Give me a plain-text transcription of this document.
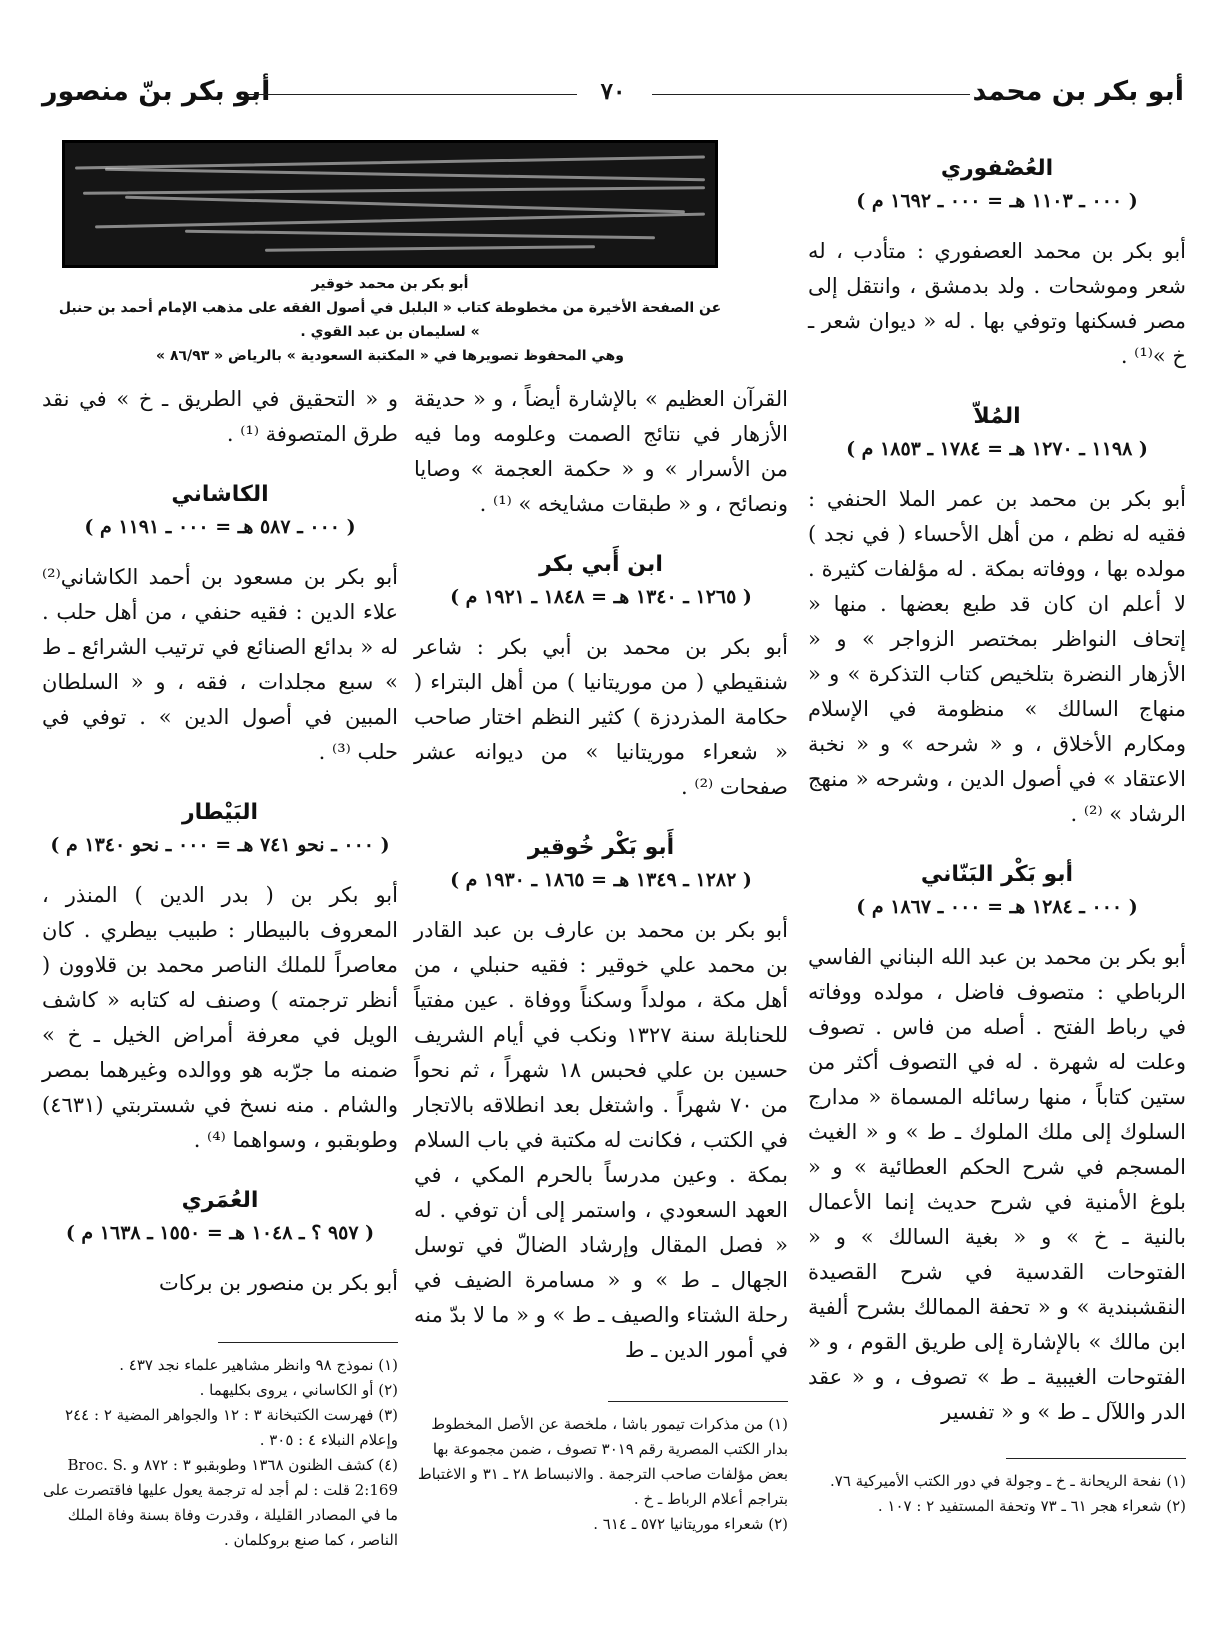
أبو بكر بنّ منصور	٧٠	أبو بكر بن محمد
أبو بكر بن محمد خوقير
عن الصفحة الأخيرة من مخطوطة كتاب « البلبل في أصول الفقه على مذهب الإمام أحمد بن حنبل » لسليمان بن عبد القوي .
وهي المحفوظ تصويرها في « المكتبة السعودية » بالرياض « ٨٦/٩٣ »
العُصْفوري
( ٠٠٠ ـ ١١٠٣ هـ = ٠٠٠ ـ ١٦٩٢ م )
أبو بكر بن محمد العصفوري : متأدب ، له شعر وموشحات . ولد بدمشق ، وانتقل إلى مصر فسكنها وتوفي بها . له « ديوان شعر ـ خ »⁽¹⁾ .
المُلاّ
( ١١٩٨ ـ ١٢٧٠ هـ = ١٧٨٤ ـ ١٨٥٣ م )
أبو بكر بن محمد بن عمر الملا الحنفي : فقيه له نظم ، من أهل الأحساء ( في نجد ) مولده بها ، ووفاته بمكة . له مؤلفات كثيرة . لا أعلم ان كان قد طبع بعضها . منها « إتحاف النواظر بمختصر الزواجر » و « الأزهار النضرة بتلخيص كتاب التذكرة » و « منهاج السالك » منظومة في الإسلام ومكارم الأخلاق ، و « شرحه » و « نخبة الاعتقاد » في أصول الدين ، وشرحه « منهج الرشاد » ⁽²⁾ .
أبو بَكْر البَنّاني
( ٠٠٠ ـ ١٢٨٤ هـ = ٠٠٠ ـ ١٨٦٧ م )
أبو بكر بن محمد بن عبد الله البناني الفاسي الرباطي : متصوف فاضل ، مولده ووفاته في رباط الفتح . أصله من فاس . تصوف وعلت له شهرة . له في التصوف أكثر من ستين كتاباً ، منها رسائله المسماة « مدارج السلوك إلى ملك الملوك ـ ط » و « الغيث المسجم في شرح الحكم العطائية » و « بلوغ الأمنية في شرح حديث إنما الأعمال بالنية ـ خ » و « بغية السالك » و « الفتوحات القدسية في شرح القصيدة النقشبندية » و « تحفة الممالك بشرح ألفية ابن مالك » بالإشارة إلى طريق القوم ، و « الفتوحات الغيبية ـ ط » تصوف ، و « عقد الدر واللآل ـ ط » و « تفسير
(١) نفحة الريحانة ـ خ ـ وجولة في دور الكتب الأميركية ٧٦.
(٢) شعراء هجر ٦١ ـ ٧٣ وتحفة المستفيد ٢ : ١٠٧ .
القرآن العظيم » بالإشارة أيضاً ، و « حديقة الأزهار في نتائج الصمت وعلومه وما فيه من الأسرار » و « حكمة العجمة » وصايا ونصائح ، و « طبقات مشايخه » ⁽¹⁾ .
ابن أَبي بكر
( ١٢٦٥ ـ ١٣٤٠ هـ = ١٨٤٨ ـ ١٩٢١ م )
أبو بكر بن محمد بن أبي بكر : شاعر شنقيطي ( من موريتانيا ) من أهل البتراء ( حكامة المذردزة ) كثير النظم اختار صاحب « شعراء موريتانيا » من ديوانه عشر صفحات ⁽²⁾ .
أَبو بَكْر خُوقير
( ١٢٨٢ ـ ١٣٤٩ هـ = ١٨٦٥ ـ ١٩٣٠ م )
أبو بكر بن محمد بن عارف بن عبد القادر بن محمد علي خوقير : فقيه حنبلي ، من أهل مكة ، مولداً وسكناً ووفاة . عين مفتياً للحنابلة سنة ١٣٢٧ ونكب في أيام الشريف حسين بن علي فحبس ١٨ شهراً ، ثم نحواً من ٧٠ شهراً . واشتغل بعد انطلاقه بالاتجار في الكتب ، فكانت له مكتبة في باب السلام بمكة . وعين مدرساً بالحرم المكي ، في العهد السعودي ، واستمر إلى أن توفي . له « فصل المقال وإرشاد الضالّ في توسل الجهال ـ ط » و « مسامرة الضيف في رحلة الشتاء والصيف ـ ط » و « ما لا بدّ منه في أمور الدين ـ ط
(١) من مذكرات تيمور باشا ، ملخصة عن الأصل المخطوط بدار الكتب المصرية رقم ٣٠١٩ تصوف ، ضمن مجموعة بها بعض مؤلفات صاحب الترجمة . والانبساط ٢٨ ـ ٣١ و الاغتباط بتراجم أعلام الرباط ـ خ .
(٢) شعراء موريتانيا ٥٧٢ ـ ٦١٤ .
و « التحقيق في الطريق ـ خ » في نقد طرق المتصوفة ⁽¹⁾ .
الكاشاني
( ٠٠٠ ـ ٥٨٧ هـ = ٠٠٠ ـ ١١٩١ م )
أبو بكر بن مسعود بن أحمد الكاشاني⁽²⁾ علاء الدين : فقيه حنفي ، من أهل حلب . له « بدائع الصنائع في ترتيب الشرائع ـ ط » سبع مجلدات ، فقه ، و « السلطان المبين في أصول الدين » . توفي في حلب ⁽³⁾ .
البَيْطار
( ٠٠٠ ـ نحو ٧٤١ هـ = ٠٠٠ ـ نحو ١٣٤٠ م )
أبو بكر بن ( بدر الدين ) المنذر ، المعروف بالبيطار : طبيب بيطري . كان معاصراً للملك الناصر محمد بن قلاوون ( أنظر ترجمته ) وصنف له كتابه « كاشف الويل في معرفة أمراض الخيل ـ خ » ضمنه ما جرّبه هو ووالده وغيرهما بمصر والشام . منه نسخ في شستربتي (٤٦٣١) وطوبقبو ، وسواهما ⁽⁴⁾ .
العُمَري
( ٩٥٧ ؟ ـ ١٠٤٨ هـ = ١٥٥٠ ـ ١٦٣٨ م )
أبو بكر بن منصور بن بركات
(١) نموذج ٩٨ وانظر مشاهير علماء نجد ٤٣٧ .
(٢) أو الكاساني ، يروى بكليهما .
(٣) فهرست الكتبخانة ٣ : ١٢ والجواهر المضية ٢ : ٢٤٤ وإعلام النبلاء ٤ : ٣٠٥ .
(٤) كشف الظنون ١٣٦٨ وطوبقبو ٣ : ٨٧٢ و Broc. S. 2:169 قلت : لم أجد له ترجمة يعول عليها فاقتصرت على ما في المصادر القليلة ، وقدرت وفاة بسنة وفاة الملك الناصر ، كما صنع بروكلمان .
